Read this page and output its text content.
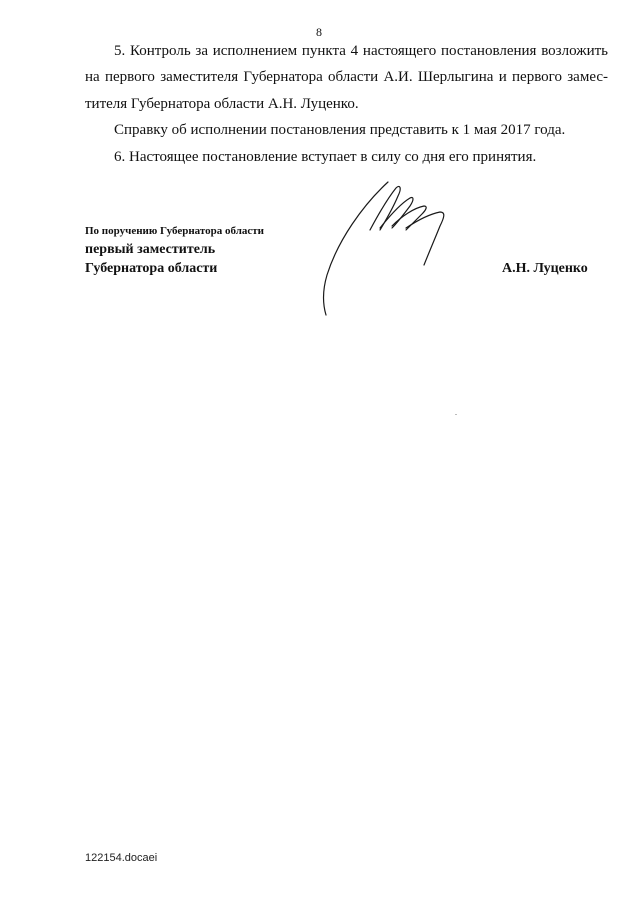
8
5. Контроль за исполнением пункта 4 настоящего постановления возложить
на первого заместителя Губернатора области А.И. Шерлыгина и первого замес-
тителя Губернатора области А.Н. Луценко.
Справку об исполнении постановления представить к 1 мая 2017 года.
6. Настоящее постановление вступает в силу со дня его принятия.
По поручению Губернатора области
первый заместитель
Губернатора области	А.Н. Луценко
122154.docaei
